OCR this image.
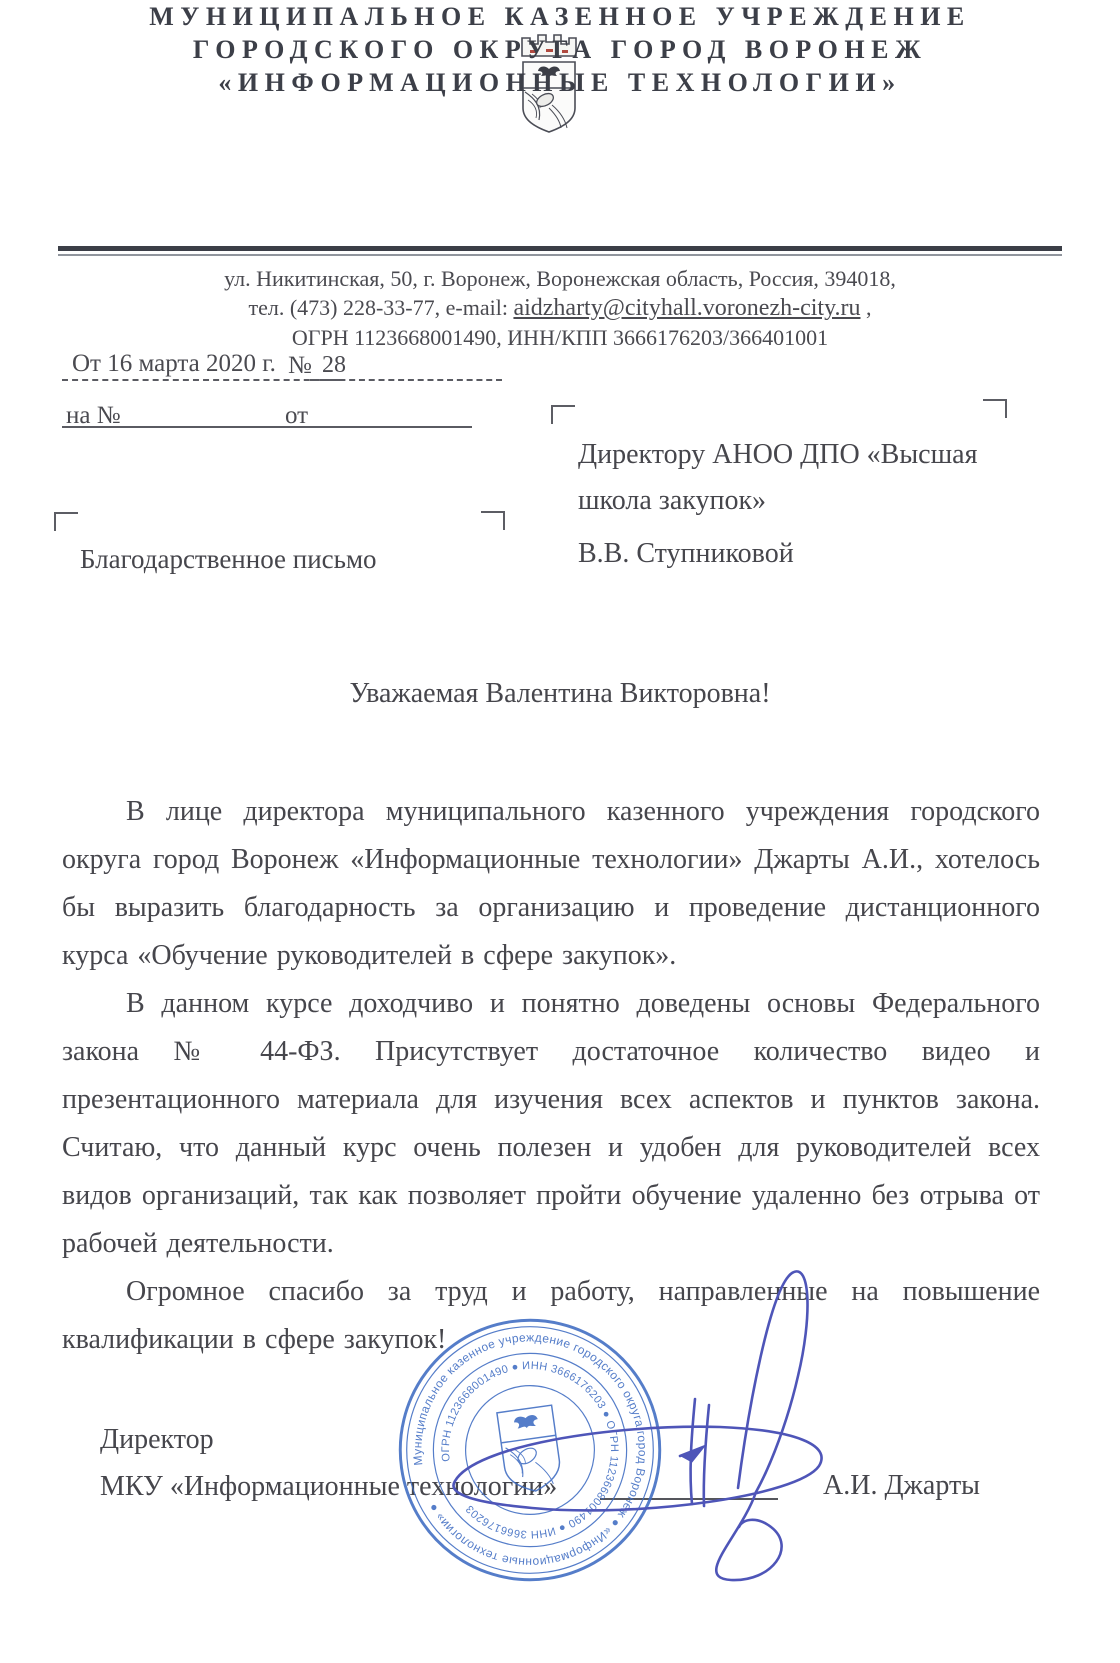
МУНИЦИПАЛЬНОЕ КАЗЕННОЕ УЧРЕЖДЕНИЕ
ГОРОДСКОГО ОКРУГА ГОРОД ВОРОНЕЖ
«ИНФОРМАЦИОННЫЕ ТЕХНОЛОГИИ»
ул. Никитинская, 50, г. Воронеж, Воронежская область, Россия, 394018,
тел. (473) 228-33-77, e-mail: aidzharty@cityhall.voronezh-city.ru ,
ОГРН 1123668001490, ИНН/КПП 3666176203/366401001
От 16 марта 2020 г. № 28
на №	от
Директору АНОО ДПО «Высшая
школа закупок»
В.В. Ступниковой
Благодарственное письмо
Уважаемая Валентина Викторовна!

В лице директора муниципального казенного учреждения городского округа город Воронеж «Информационные технологии» Джарты А.И., хотелось бы выразить благодарность за организацию и проведение дистанционного курса «Обучение руководителей в сфере закупок».

В данном курсе доходчиво и понятно доведены основы Федерального закона № 44-ФЗ. Присутствует достаточное количество видео и презентационного материала для изучения всех аспектов и пунктов закона. Считаю, что данный курс очень полезен и удобен для руководителей всех видов организаций, так как позволяет пройти обучение удаленно без отрыва от рабочей деятельности.

Огромное спасибо за труд и работу, направленные на повышение квалификации в сфере закупок!

Директор
МКУ «Информационные технологии»	А.И. Джарты
Муниципальное казенное учреждение городского округа город Воронеж ● «Информационные технологии» ●
ОГРН 1123668001490 ● ИНН 3666176203 ● ОГРН 1123668001490 ● ИНН 3666176203
